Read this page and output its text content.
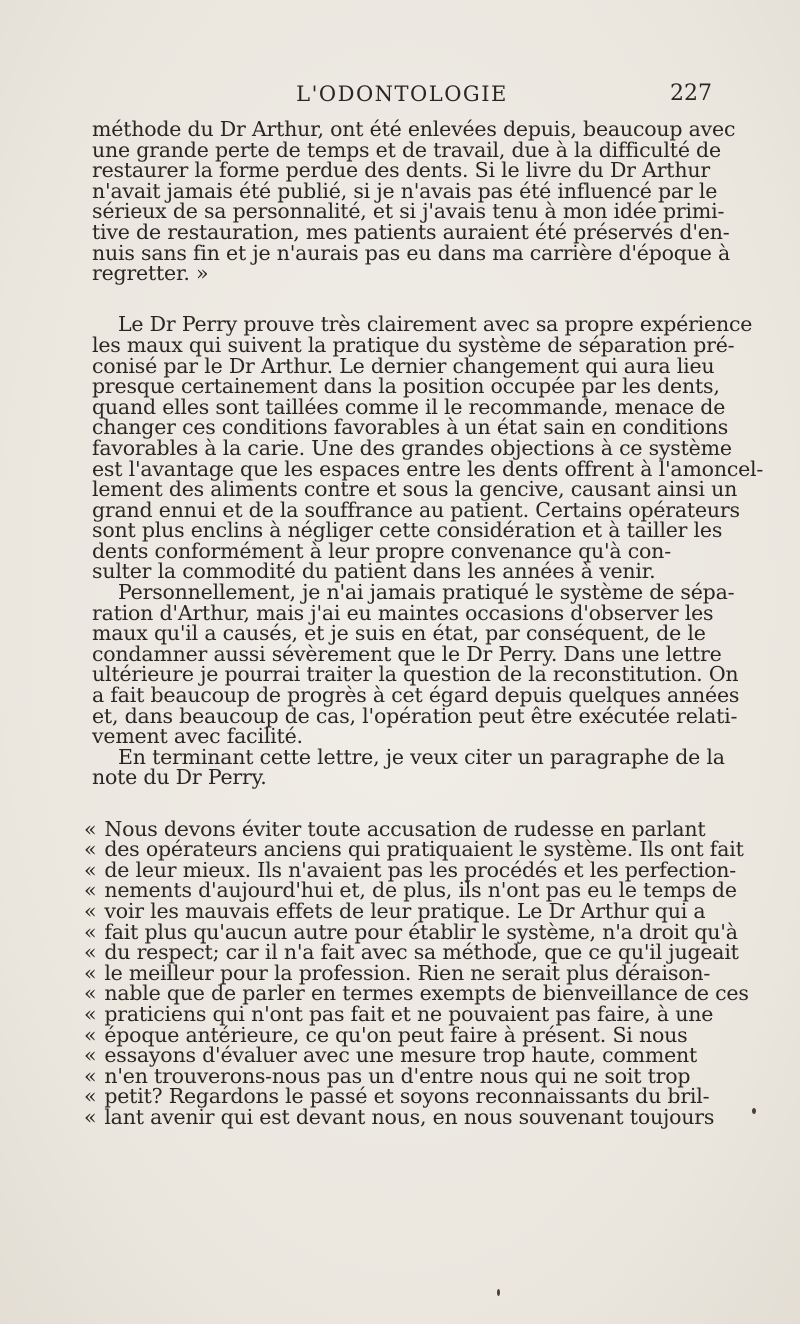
L'ODONTOLOGIE	227
méthode du Dr Arthur, ont été enlevées depuis, beaucoup avec
une grande perte de temps et de travail, due à la difficulté de
restaurer la forme perdue des dents. Si le livre du Dr Arthur
n'avait jamais été publié, si je n'avais pas été influencé par le
sérieux de sa personnalité, et si j'avais tenu à mon idée primi-
tive de restauration, mes patients auraient été préservés d'en-
nuis sans fin et je n'aurais pas eu dans ma carrière d'époque à
regretter. »
Le Dr Perry prouve très clairement avec sa propre expérience
les maux qui suivent la pratique du système de séparation pré-
conisé par le Dr Arthur. Le dernier changement qui aura lieu
presque certainement dans la position occupée par les dents,
quand elles sont taillées comme il le recommande, menace de
changer ces conditions favorables à un état sain en conditions
favorables à la carie. Une des grandes objections à ce système
est l'avantage que les espaces entre les dents offrent à l'amoncel-
lement des aliments contre et sous la gencive, causant ainsi un
grand ennui et de la souffrance au patient. Certains opérateurs
sont plus enclins à négliger cette considération et à tailler les
dents conformément à leur propre convenance qu'à con-
sulter la commodité du patient dans les années à venir.
Personnellement, je n'ai jamais pratiqué le système de sépa-
ration d'Arthur, mais j'ai eu maintes occasions d'observer les
maux qu'il a causés, et je suis en état, par conséquent, de le
condamner aussi sévèrement que le Dr Perry. Dans une lettre
ultérieure je pourrai traiter la question de la reconstitution. On
a fait beaucoup de progrès à cet égard depuis quelques années
et, dans beaucoup de cas, l'opération peut être exécutée relati-
vement avec facilité.
En terminant cette lettre, je veux citer un paragraphe de la
note du Dr Perry.
« Nous devons éviter toute accusation de rudesse en parlant
« des opérateurs anciens qui pratiquaient le système. Ils ont fait
« de leur mieux. Ils n'avaient pas les procédés et les perfection-
« nements d'aujourd'hui et, de plus, ils n'ont pas eu le temps de
« voir les mauvais effets de leur pratique. Le Dr Arthur qui a
« fait plus qu'aucun autre pour établir le système, n'a droit qu'à
« du respect; car il n'a fait avec sa méthode, que ce qu'il jugeait
« le meilleur pour la profession. Rien ne serait plus déraison-
« nable que de parler en termes exempts de bienveillance de ces
« praticiens qui n'ont pas fait et ne pouvaient pas faire, à une
« époque antérieure, ce qu'on peut faire à présent. Si nous
« essayons d'évaluer avec une mesure trop haute, comment
« n'en trouverons-nous pas un d'entre nous qui ne soit trop
« petit? Regardons le passé et soyons reconnaissants du bril-
« lant avenir qui est devant nous, en nous souvenant toujours
